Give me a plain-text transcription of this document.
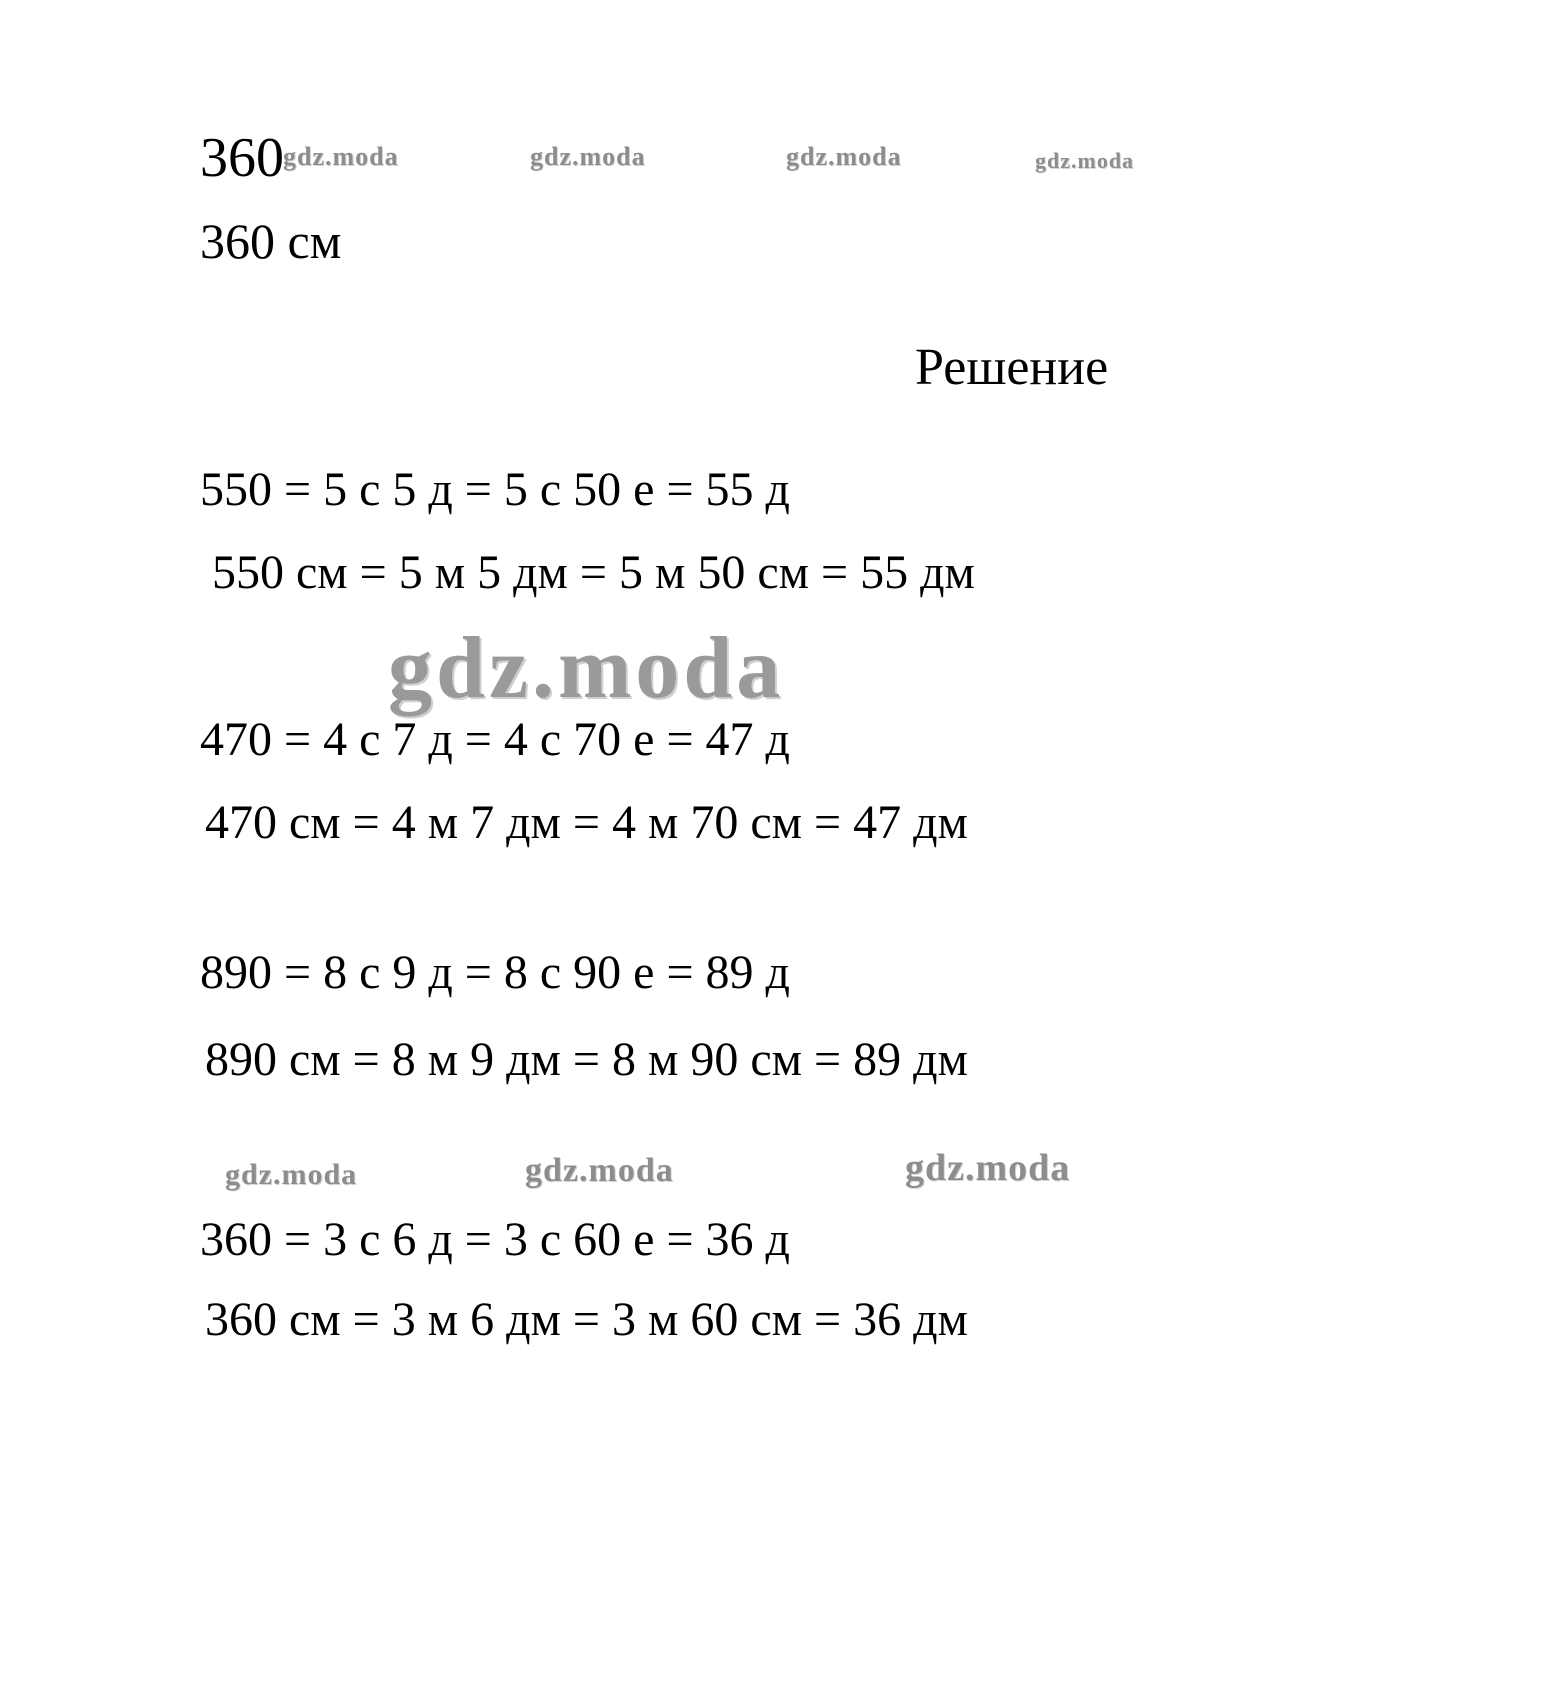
360 gdz.moda	gdz.moda	gdz.moda	gdz.moda
360 см
Решение
550 = 5 с 5 д = 5 с 50 е = 55 д
550 см = 5 м 5 дм = 5 м 50 см = 55 дм
gdz.moda
470 = 4 с 7 д = 4 с 70 е = 47 д
470 см = 4 м 7 дм = 4 м 70 см = 47 дм
890 = 8 с 9 д = 8 с 90 е = 89 д
890 см = 8 м 9 дм = 8 м 90 см = 89 дм
gdz.moda	gdz.moda	gdz.moda
360 = 3 с 6 д = 3 с 60 е = 36 д
360 см = 3 м 6 дм = 3 м 60 см = 36 дм
